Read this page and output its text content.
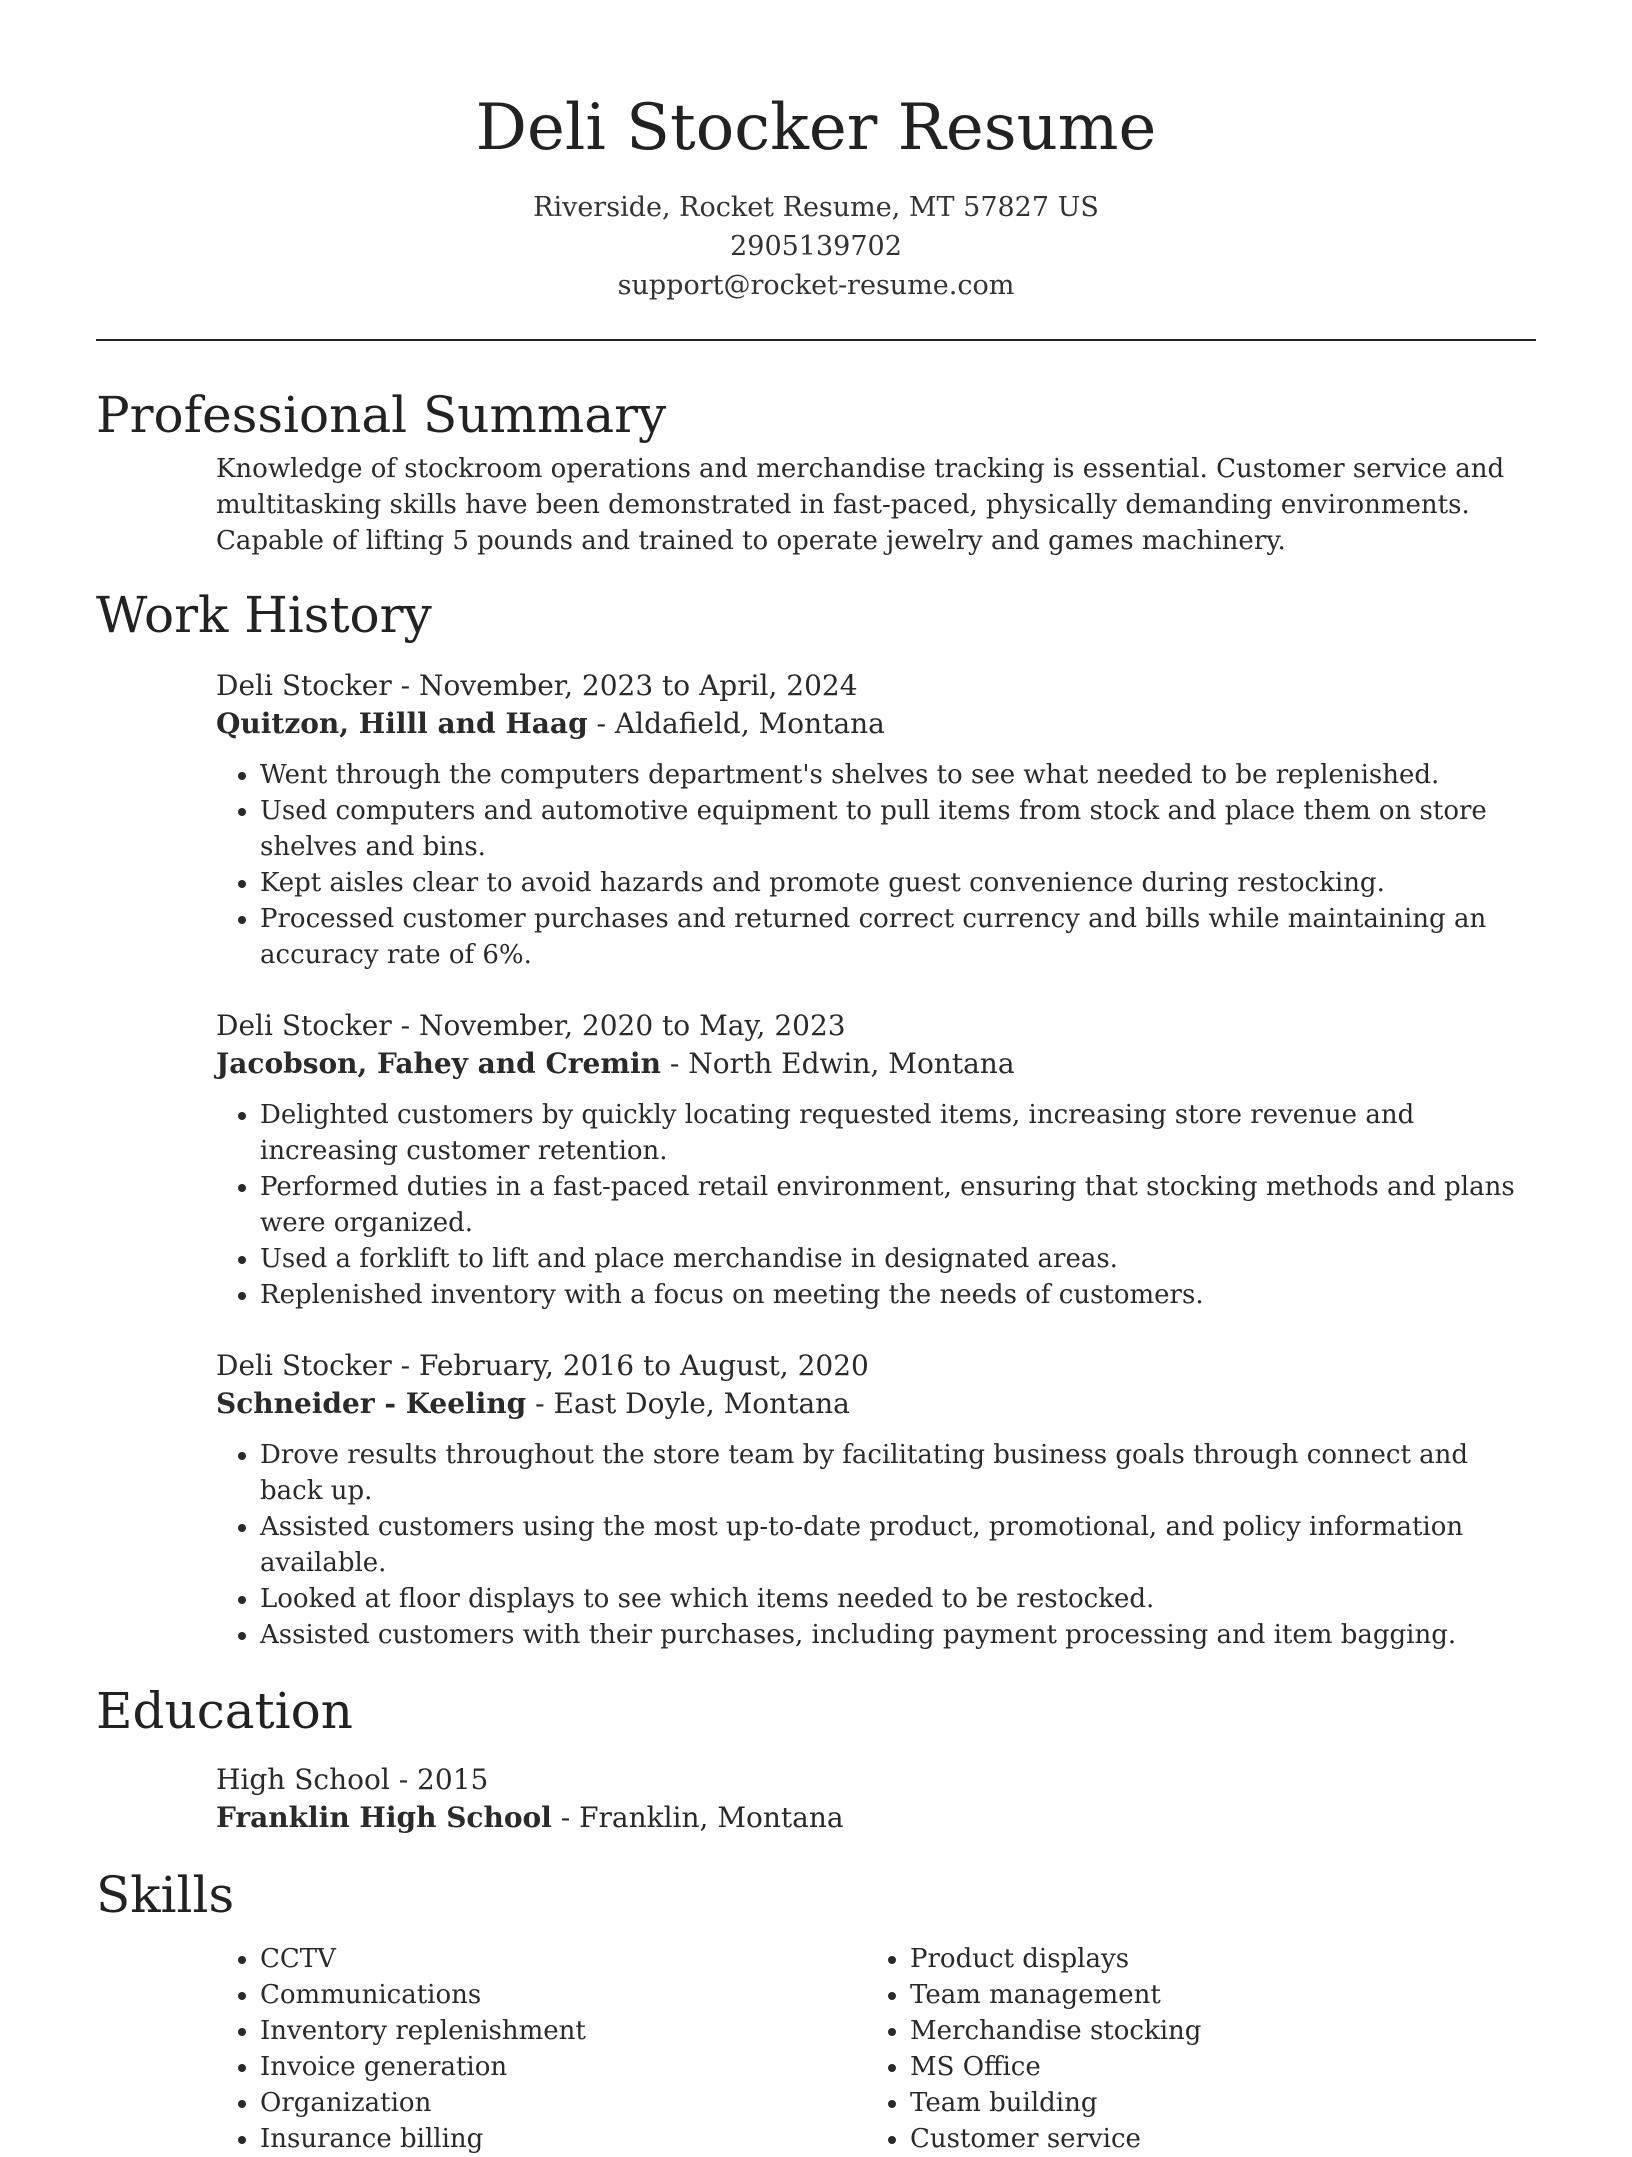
Deli Stocker Resume
Riverside, Rocket Resume, MT 57827 US
2905139702
support@rocket-resume.com
Professional Summary

Knowledge of stockroom operations and merchandise tracking is essential. Customer service and multitasking skills have been demonstrated in fast-paced, physically demanding environments. Capable of lifting 5 pounds and trained to operate jewelry and games machinery.

Work History
Deli Stocker - November, 2023 to April, 2024
Quitzon, Hilll and Haag - Aldafield, Montana
• Went through the computers department's shelves to see what needed to be replenished.
• Used computers and automotive equipment to pull items from stock and place them on store shelves and bins.
• Kept aisles clear to avoid hazards and promote guest convenience during restocking.
• Processed customer purchases and returned correct currency and bills while maintaining an accuracy rate of 6%.
Deli Stocker - November, 2020 to May, 2023
Jacobson, Fahey and Cremin - North Edwin, Montana
• Delighted customers by quickly locating requested items, increasing store revenue and increasing customer retention.
• Performed duties in a fast-paced retail environment, ensuring that stocking methods and plans were organized.
• Used a forklift to lift and place merchandise in designated areas.
• Replenished inventory with a focus on meeting the needs of customers.
Deli Stocker - February, 2016 to August, 2020
Schneider - Keeling - East Doyle, Montana
• Drove results throughout the store team by facilitating business goals through connect and back up.
• Assisted customers using the most up-to-date product, promotional, and policy information available.
• Looked at floor displays to see which items needed to be restocked.
• Assisted customers with their purchases, including payment processing and item bagging.
Education
High School - 2015
Franklin High School - Franklin, Montana
Skills
• CCTV
• Communications
• Inventory replenishment
• Invoice generation
• Organization
• Insurance billing
• Product displays
• Team management
• Merchandise stocking
• MS Office
• Team building
• Customer service
